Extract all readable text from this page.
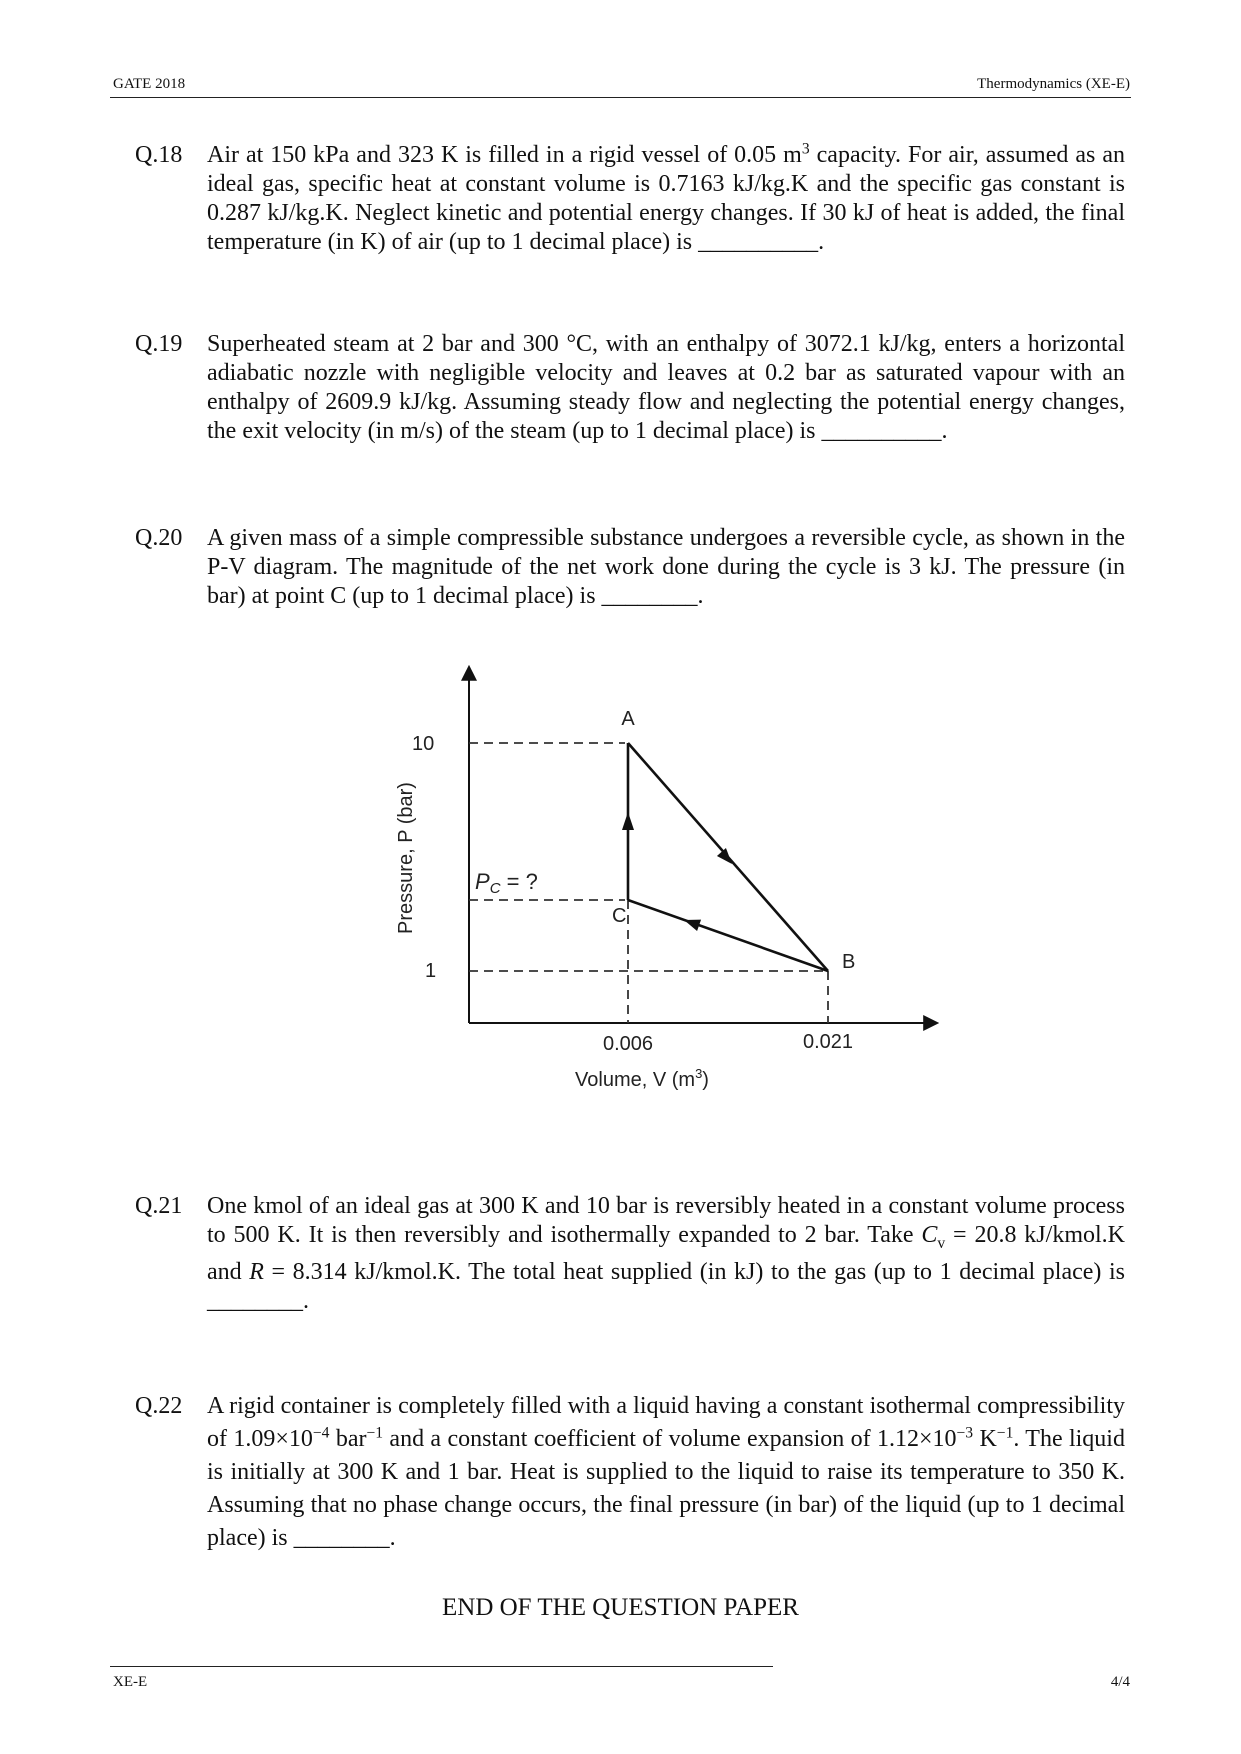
GATE 2018	Thermodynamics (XE-E)
Q.18 Air at 150 kPa and 323 K is filled in a rigid vessel of 0.05 $m^3$ capacity. For air, assumed as an ideal gas, specific heat at constant volume is 0.7163 kJ/kg.K and the specific gas constant is 0.287 kJ/kg.K. Neglect kinetic and potential energy changes. If 30 kJ of heat is added, the final temperature (in K) of air (up to 1 decimal place) is __________.
Q.19 Superheated steam at 2 bar and 300 °C, with an enthalpy of 3072.1 kJ/kg, enters a horizontal adiabatic nozzle with negligible velocity and leaves at 0.2 bar as saturated vapour with an enthalpy of 2609.9 kJ/kg. Assuming steady flow and neglecting the potential energy changes, the exit velocity (in m/s) of the steam (up to 1 decimal place) is __________.
Q.20 A given mass of a simple compressible substance undergoes a reversible cycle, as shown in the P-V diagram. The magnitude of the net work done during the cycle is 3 kJ. The pressure (in bar) at point C (up to 1 decimal place) is ________.
A
B
C
10
1
0.006	0.021
PC = ?
Volume, V $(m^3)$
Pressure, P (bar)
Q.21 One kmol of an ideal gas at 300 K and 10 bar is reversibly heated in a constant volume process to 500 K. It is then reversibly and isothermally expanded to 2 bar. Take $C_v = 20.8$ kJ/kmol.K and R = 8.314 kJ/kmol.K. The total heat supplied (in kJ) to the gas (up to 1 decimal place) is ________.
Q.22 A rigid container is completely filled with a liquid having a constant isothermal compressibility of $1.09\times 10^{-4}$ bar$^{-1}$ and a constant coefficient of volume expansion of $1.12\times 10^{-3}$ $K^{-1}$. The liquid is initially at 300 K and 1 bar. Heat is supplied to the liquid to raise its temperature to 350 K. Assuming that no phase change occurs, the final pressure (in bar) of the liquid (up to 1 decimal place) is ________.
END OF THE QUESTION PAPER
XE-E	4/4
